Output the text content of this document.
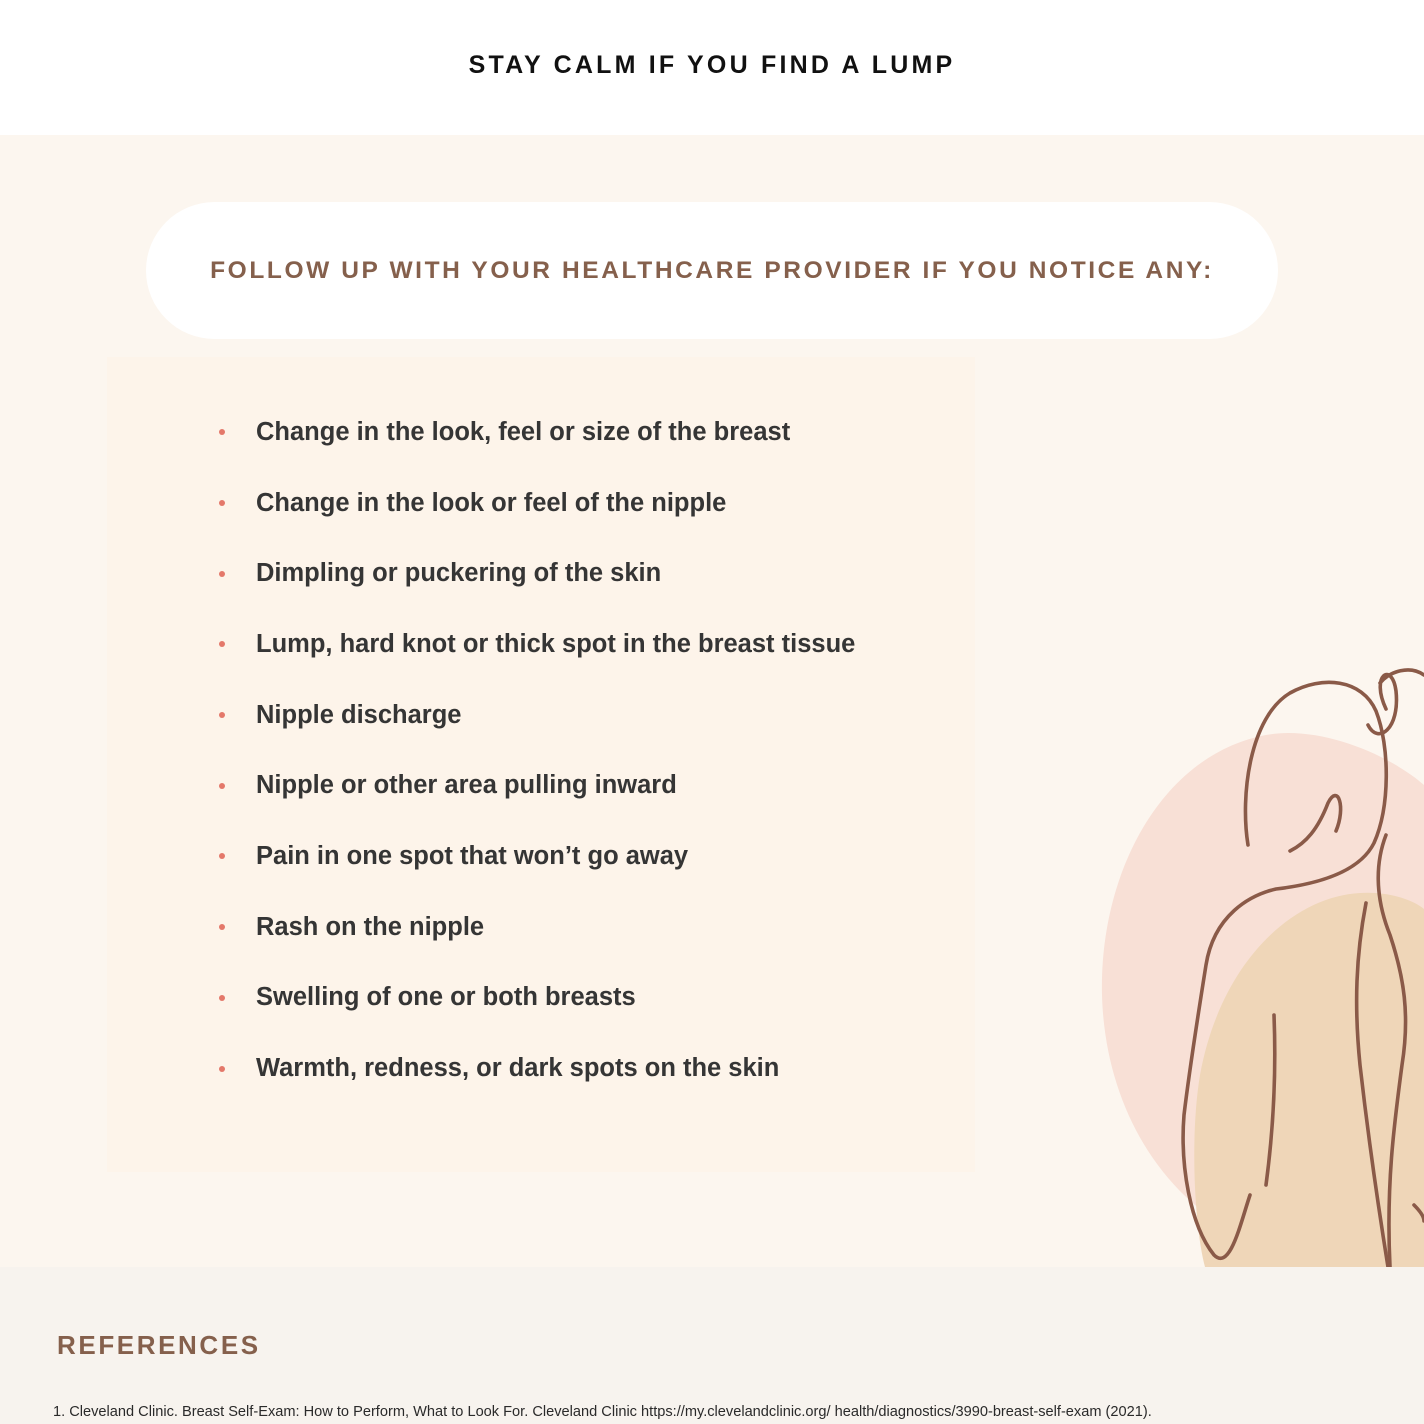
STAY CALM IF YOU FIND A LUMP
FOLLOW UP WITH YOUR HEALTHCARE PROVIDER IF YOU NOTICE ANY:
Change in the look, feel or size of the breast
Change in the look or feel of the nipple
Dimpling or puckering of the skin
Lump, hard knot or thick spot in the breast tissue
Nipple discharge
Nipple or other area pulling inward
Pain in one spot that won’t go away
Rash on the nipple
Swelling of one or both breasts
Warmth, redness, or dark spots on the skin
REFERENCES

1. Cleveland Clinic. Breast Self-Exam: How to Perform, What to Look For. Cleveland Clinic https://my.clevelandclinic.org/ health/diagnostics/3990-breast-self-exam (2021).
